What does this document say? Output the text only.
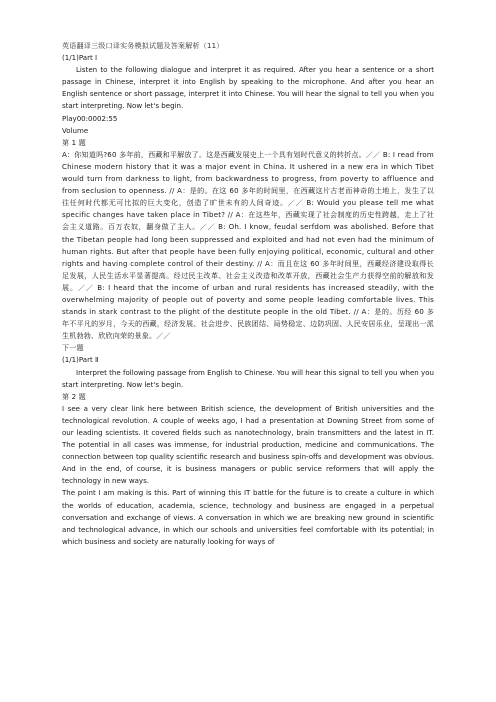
英语翻译三级口译实务模拟试题及答案解析（11）

(1/1)Part Ⅰ

Listen to the following dialogue and interpret it as required. After you hear a sentence or a short passage in Chinese, interpret it into English by speaking to the microphone. And after you hear an English sentence or short passage, interpret it into Chinese. You will hear the signal to tell you when you start interpreting. Now let's begin.

Play00:0002:55

Volume

第 1 题

A：你知道吗?60 多年前，西藏和平解放了。这是西藏发展史上一个具有划时代意义的转折点。／／ B: I read from Chinese modern history that it was a major event in China. It ushered in a new era in which Tibet would turn from darkness to light, from backwardness to progress, from poverty to affluence and from seclusion to openness. // A：是的。在这 60 多年的时间里，在西藏这片古老而神奇的土地上，发生了以往任何时代都无可比拟的巨大变化，创造了旷世未有的人间奇迹。／／ B: Would you please tell me what specific changes have taken place in Tibet? // A：在这些年，西藏实现了社会制度的历史性跨越，走上了社会主义道路。百万农奴，翻身做了主人。／／ B: Oh. I know, feudal serfdom was abolished. Before that the Tibetan people had long been suppressed and exploited and had not even had the minimum of human rights. But after that people have been fully enjoying political, economic, cultural and other rights and having complete control of their destiny. // A：而且在这 60 多年时间里，西藏经济建设取得长足发展，人民生活水平显著提高。经过民主改革、社会主义改造和改革开放，西藏社会生产力获得空前的解放和发展。／／ B: I heard that the income of urban and rural residents has increased steadily, with the overwhelming majority of people out of poverty and some people leading comfortable lives. This stands in stark contrast to the plight of the destitute people in the old Tibet. // A：是的。历经 60 多年不平凡的岁月，今天的西藏，经济发展、社会进步、民族团结、局势稳定、边防巩固、人民安居乐业，呈现出一派生机勃勃、欣欣向荣的景象。／／

下一题

(1/1)Part Ⅱ

Interpret the following passage from English to Chinese. You will hear this signal to tell you when you start interpreting. Now let's begin.

第 2 题

I see a very clear link here between British science, the development of British universities and the technological revolution. A couple of weeks ago, I had a presentation at Downing Street from some of our leading scientists. It covered fields such as nanotechnology, brain transmitters and the latest in IT. The potential in all cases was immense, for industrial production, medicine and communications. The connection between top quality scientific research and business spin-offs and development was obvious. And in the end, of course, it is business managers or public service reformers that will apply the technology in new ways.

The point I am making is this. Part of winning this IT battle for the future is to create a culture in which the worlds of education, academia, science, technology and business are engaged in a perpetual conversation and exchange of views. A conversation in which we are breaking new ground in scientific and technological advance, in which our schools and universities feel comfortable with its potential; in which business and society are naturally looking for ways of
